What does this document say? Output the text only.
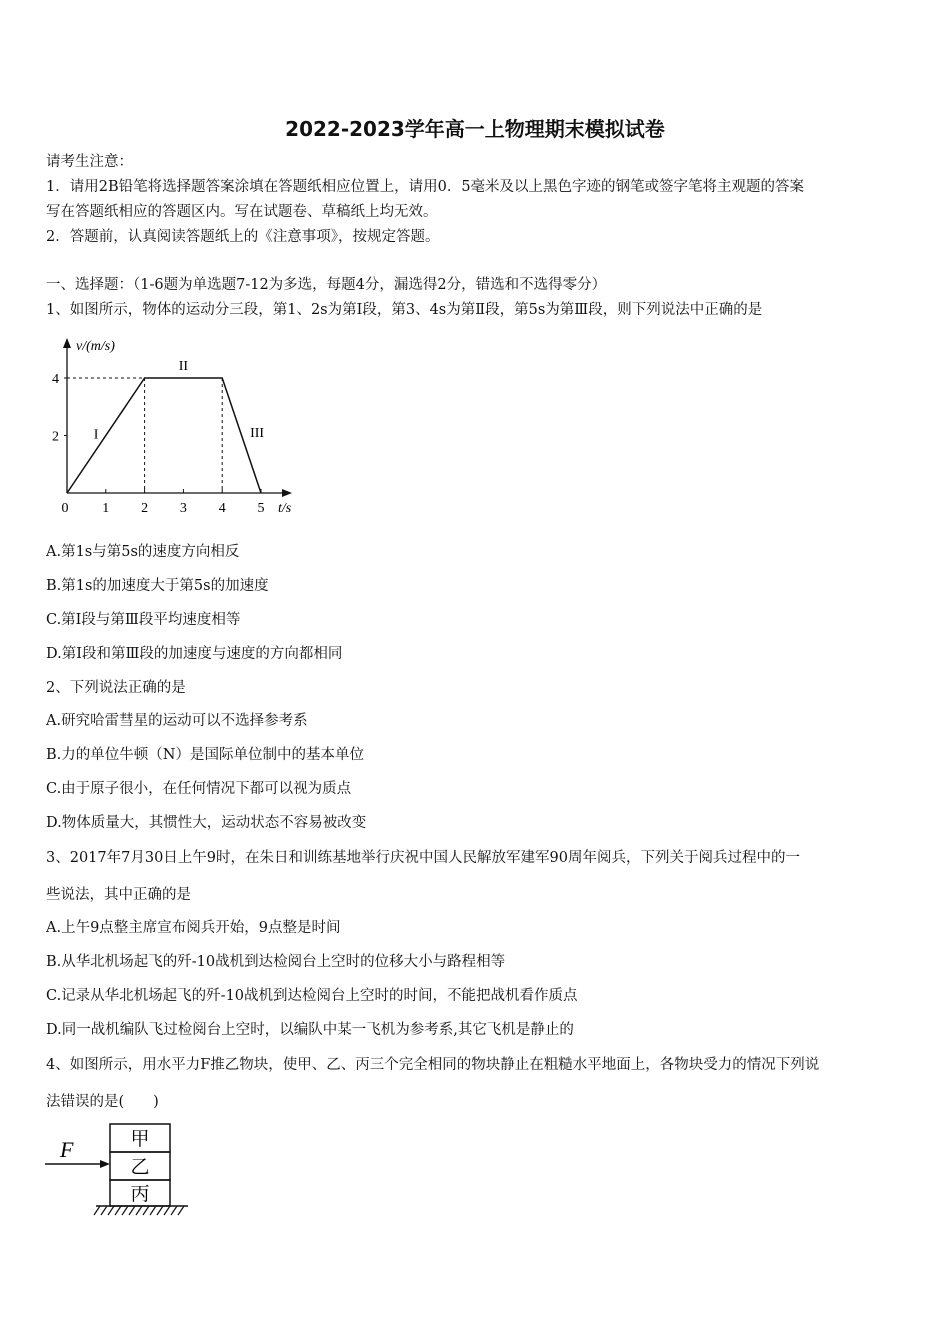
2022-2023学年高一上物理期末模拟试卷
请考生注意：
1．请用2B铅笔将选择题答案涂填在答题纸相应位置上，请用0．5毫米及以上黑色字迹的钢笔或签字笔将主观题的答案
写在答题纸相应的答题区内。写在试题卷、草稿纸上均无效。
2．答题前，认真阅读答题纸上的《注意事项》，按规定答题。
一、选择题：（1-6题为单选题7-12为多选，每题4分，漏选得2分，错选和不选得零分）
1、如图所示，物体的运动分三段，第1、2s为第Ⅰ段，第3、4s为第Ⅱ段，第5s为第Ⅲ段，则下列说法中正确的是
v/(m/s)
t/s
2
4
0 1 2 3 4 5
I
II
III
A.第1s与第5s的速度方向相反
B.第1s的加速度大于第5s的加速度
C.第Ⅰ段与第Ⅲ段平均速度相等
D.第Ⅰ段和第Ⅲ段的加速度与速度的方向都相同
2、下列说法正确的是
A.研究哈雷彗星的运动可以不选择参考系
B.力的单位牛顿（N）是国际单位制中的基本单位
C.由于原子很小，在任何情况下都可以视为质点
D.物体质量大，其惯性大，运动状态不容易被改变
3、2017年7月30日上午9时，在朱日和训练基地举行庆祝中国人民解放军建军90周年阅兵，下列关于阅兵过程中的一
些说法，其中正确的是
A.上午9点整主席宣布阅兵开始，9点整是时间
B.从华北机场起飞的歼-10战机到达检阅台上空时的位移大小与路程相等
C.记录从华北机场起飞的歼-10战机到达检阅台上空时的时间，不能把战机看作质点
D.同一战机编队飞过检阅台上空时，以编队中某一飞机为参考系,其它飞机是静止的
4、如图所示，用水平力F推乙物块，使甲、乙、丙三个完全相同的物块静止在粗糙水平地面上，各物块受力的情况下列说
法错误的是(　　)
F	甲
乙
丙
